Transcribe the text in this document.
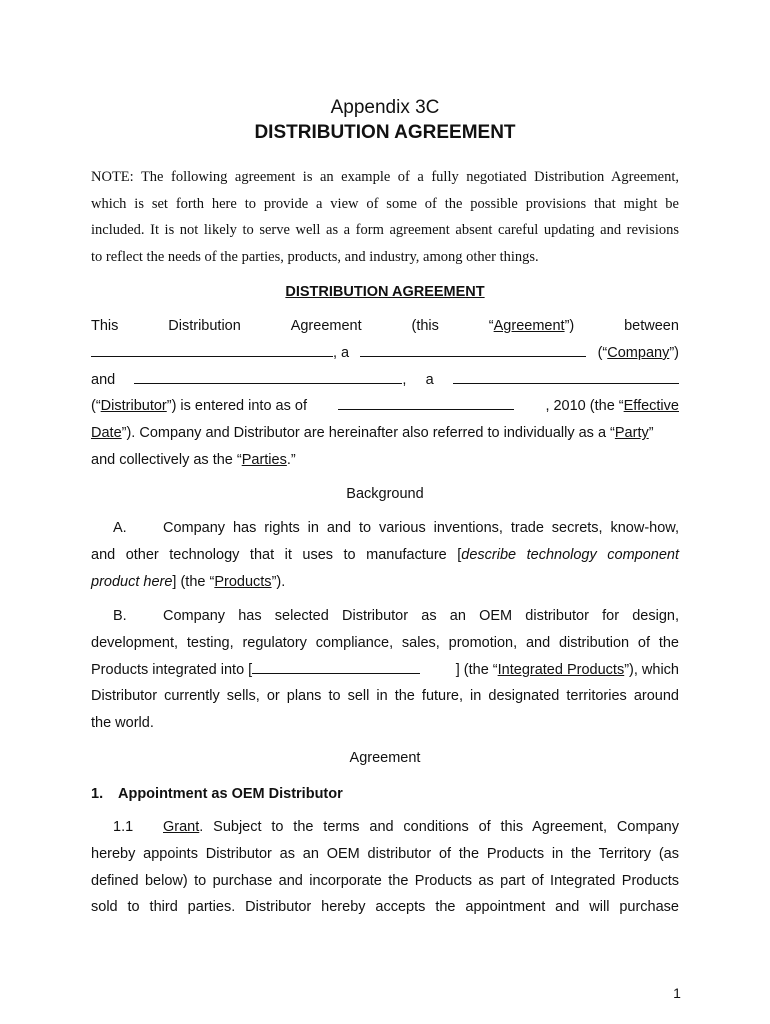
Appendix 3C
DISTRIBUTION AGREEMENT
NOTE: The following agreement is an example of a fully negotiated Distribution Agreement,
which is set forth here to provide a view of some of the possible provisions that might be
included. It is not likely to serve well as a form agreement absent careful updating and revisions
to reflect the needs of the parties, products, and industry, among other things.
DISTRIBUTION AGREEMENT
This	Distribution	Agreement	(this	“Agreement”)	between
, a	(“Company”)
and	, a
(“Distributor”) is entered into as of	, 2010 (the “Effective
Date ”). Company and Distributor are hereinafter also referred to individually as a “ Party ”
and collectively as the “ Parties .”
Background
A.	Company has rights in and to various inventions, trade secrets, know-how,
and other technology that it uses to manufacture [describe technology component
product here ] (the “ Products ”).
B.	Company has selected Distributor as an OEM distributor for design,
development, testing, regulatory compliance, sales, promotion, and distribution of the
Products integrated into [	] (the “Integrated Products”), which
Distributor currently sells, or plans to sell in the future, in designated territories around
the world.
Agreement
1. Appointment as OEM Distributor
1.1	Grant . Subject to the terms and conditions of this Agreement, Company
hereby appoints Distributor as an OEM distributor of the Products in the Territory (as
defined below) to purchase and incorporate the Products as part of Integrated Products
sold to third parties. Distributor hereby accepts the appointment and will purchase
1
